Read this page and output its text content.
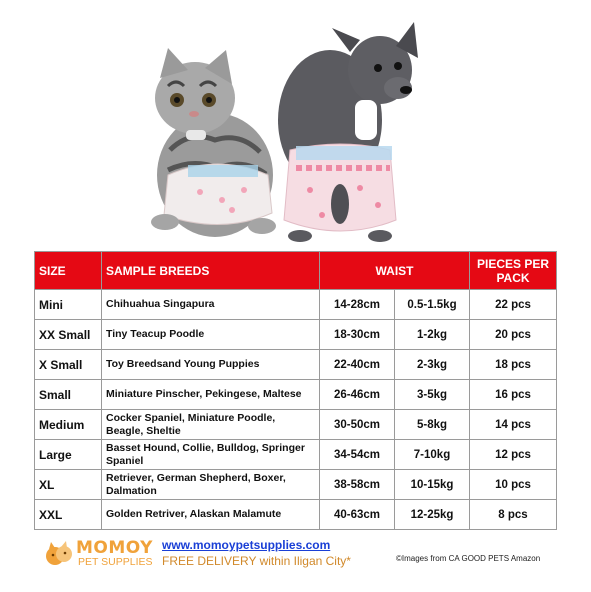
SIZE	SAMPLE BREEDS	WAIST		PIECES PER PACK
Mini	Chihuahua Singapura	14-28cm	0.5-1.5kg	22 pcs
XX Small	Tiny Teacup Poodle	18-30cm	1-2kg	20 pcs
X Small	Toy Breedsand Young Puppies	22-40cm	2-3kg	18 pcs
Small	Miniature Pinscher, Pekingese, Maltese	26-46cm	3-5kg	16 pcs
Medium	Cocker Spaniel, Miniature Poodle, Beagle, Sheltie	30-50cm	5-8kg	14 pcs
Large	Basset Hound, Collie, Bulldog, Springer Spaniel	34-54cm	7-10kg	12 pcs
XL	Retriever, German Shepherd, Boxer, Dalmation	38-58cm	10-15kg	10 pcs
XXL	Golden Retriver, Alaskan Malamute	40-63cm	12-25kg	8 pcs
MOMOY
PET SUPPLIES
www.momoypetsupplies.com
FREE DELIVERY within Iligan City*	©Images from CA GOOD PETS Amazon
